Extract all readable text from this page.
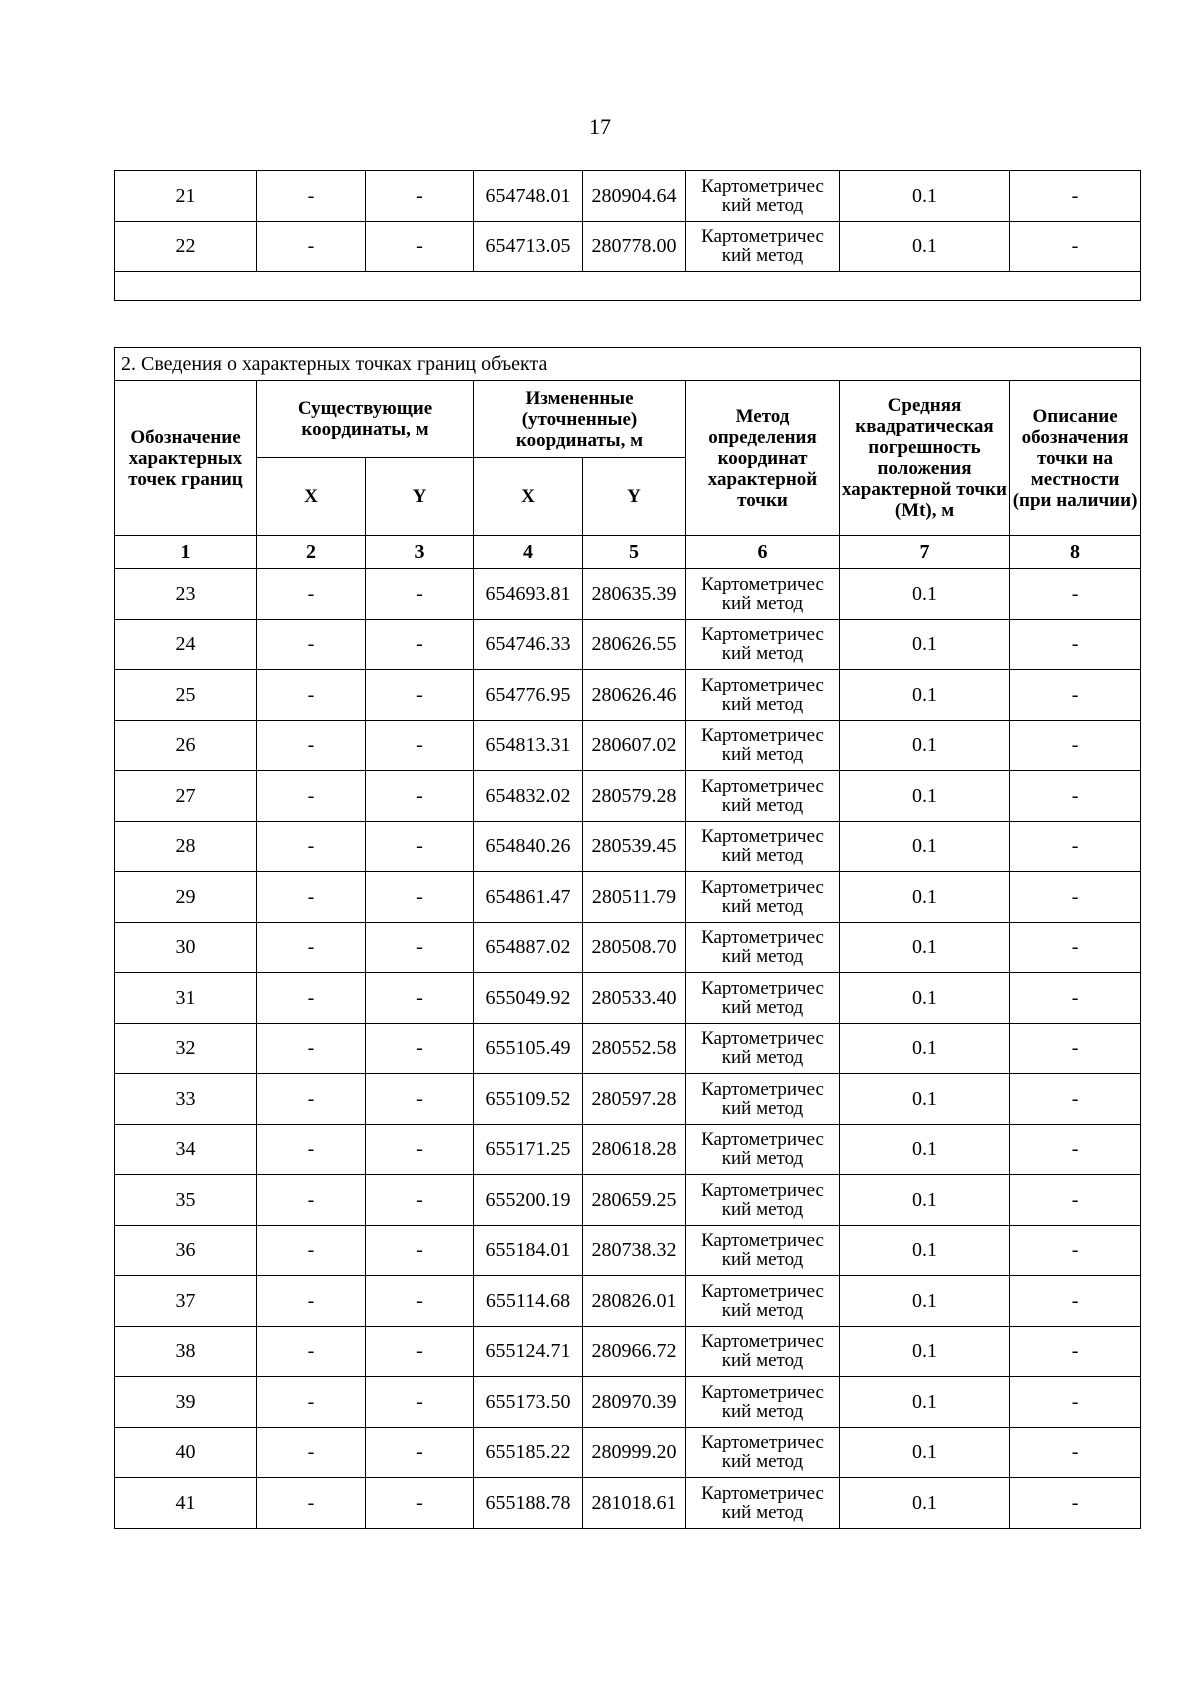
17
21	-	-	654748.01	280904.64	Картометричес кий метод	0.1	-
22	-	-	654713.05	280778.00	Картометричес кий метод	0.1	-

2. Сведения о характерных точках границ объекта							
Обозначение характерных точек границ	Существующие координаты, м		Измененные (уточненные) координаты, м		Метод определения координат характерной точки	Средняя квадратическая погрешность положения характерной точки (Mt), м	Описание обозначения точки на местности (при наличии)
	X	Y	X	Y			
1	2	3	4	5	6	7	8
23	-	-	654693.81	280635.39	Картометричес кий метод	0.1	-
24	-	-	654746.33	280626.55	Картометричес кий метод	0.1	-
25	-	-	654776.95	280626.46	Картометричес кий метод	0.1	-
26	-	-	654813.31	280607.02	Картометричес кий метод	0.1	-
27	-	-	654832.02	280579.28	Картометричес кий метод	0.1	-
28	-	-	654840.26	280539.45	Картометричес кий метод	0.1	-
29	-	-	654861.47	280511.79	Картометричес кий метод	0.1	-
30	-	-	654887.02	280508.70	Картометричес кий метод	0.1	-
31	-	-	655049.92	280533.40	Картометричес кий метод	0.1	-
32	-	-	655105.49	280552.58	Картометричес кий метод	0.1	-
33	-	-	655109.52	280597.28	Картометричес кий метод	0.1	-
34	-	-	655171.25	280618.28	Картометричес кий метод	0.1	-
35	-	-	655200.19	280659.25	Картометричес кий метод	0.1	-
36	-	-	655184.01	280738.32	Картометричес кий метод	0.1	-
37	-	-	655114.68	280826.01	Картометричес кий метод	0.1	-
38	-	-	655124.71	280966.72	Картометричес кий метод	0.1	-
39	-	-	655173.50	280970.39	Картометричес кий метод	0.1	-
40	-	-	655185.22	280999.20	Картометричес кий метод	0.1	-
41	-	-	655188.78	281018.61	Картометричес кий метод	0.1	-
